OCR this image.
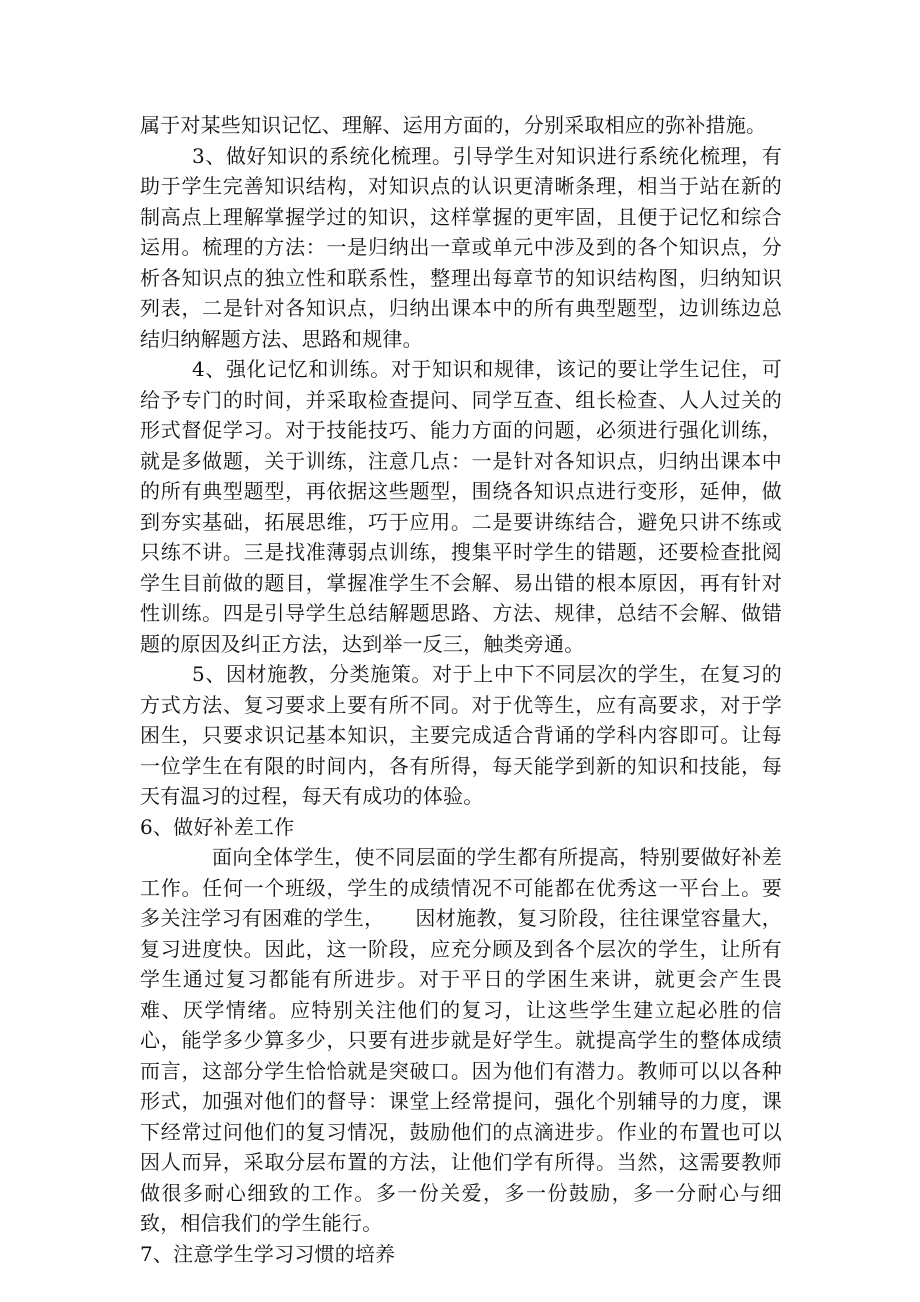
属于对某些知识记忆、理解、运用方面的，分别采取相应的弥补措施。

3、做好知识的系统化梳理。引导学生对知识进行系统化梳理，有助于学生完善知识结构，对知识点的认识更清晰条理，相当于站在新的制高点上理解掌握学过的知识，这样掌握的更牢固，且便于记忆和综合运用。梳理的方法：一是归纳出一章或单元中涉及到的各个知识点，分析各知识点的独立性和联系性，整理出每章节的知识结构图，归纳知识列表，二是针对各知识点，归纳出课本中的所有典型题型，边训练边总结归纳解题方法、思路和规律。

4、强化记忆和训练。对于知识和规律，该记的要让学生记住，可给予专门的时间，并采取检查提问、同学互查、组长检查、人人过关的形式督促学习。对于技能技巧、能力方面的问题，必须进行强化训练，就是多做题，关于训练，注意几点：一是针对各知识点，归纳出课本中的所有典型题型，再依据这些题型，围绕各知识点进行变形，延伸，做到夯实基础，拓展思维，巧于应用。二是要讲练结合，避免只讲不练或只练不讲。三是找准薄弱点训练，搜集平时学生的错题，还要检查批阅学生目前做的题目，掌握准学生不会解、易出错的根本原因，再有针对性训练。四是引导学生总结解题思路、方法、规律，总结不会解、做错题的原因及纠正方法，达到举一反三，触类旁通。

5、因材施教，分类施策。对于上中下不同层次的学生，在复习的方式方法、复习要求上要有所不同。对于优等生，应有高要求，对于学困生，只要求识记基本知识，主要完成适合背诵的学科内容即可。让每一位学生在有限的时间内，各有所得，每天能学到新的知识和技能，每天有温习的过程，每天有成功的体验。

6、做好补差工作

面向全体学生，使不同层面的学生都有所提高，特别要做好补差工作。任何一个班级，学生的成绩情况不可能都在优秀这一平台上。要多关注学习有困难的学生，　　因材施教，复习阶段，往往课堂容量大，复习进度快。因此，这一阶段，应充分顾及到各个层次的学生，让所有学生通过复习都能有所进步。对于平日的学困生来讲，就更会产生畏难、厌学情绪。应特别关注他们的复习，让这些学生建立起必胜的信心，能学多少算多少，只要有进步就是好学生。就提高学生的整体成绩而言，这部分学生恰恰就是突破口。因为他们有潜力。教师可以以各种形式，加强对他们的督导：课堂上经常提问，强化个别辅导的力度，课下经常过问他们的复习情况，鼓励他们的点滴进步。作业的布置也可以因人而异，采取分层布置的方法，让他们学有所得。当然，这需要教师做很多耐心细致的工作。多一份关爱，多一份鼓励，多一分耐心与细致，相信我们的学生能行。

7、注意学生学习习惯的培养
